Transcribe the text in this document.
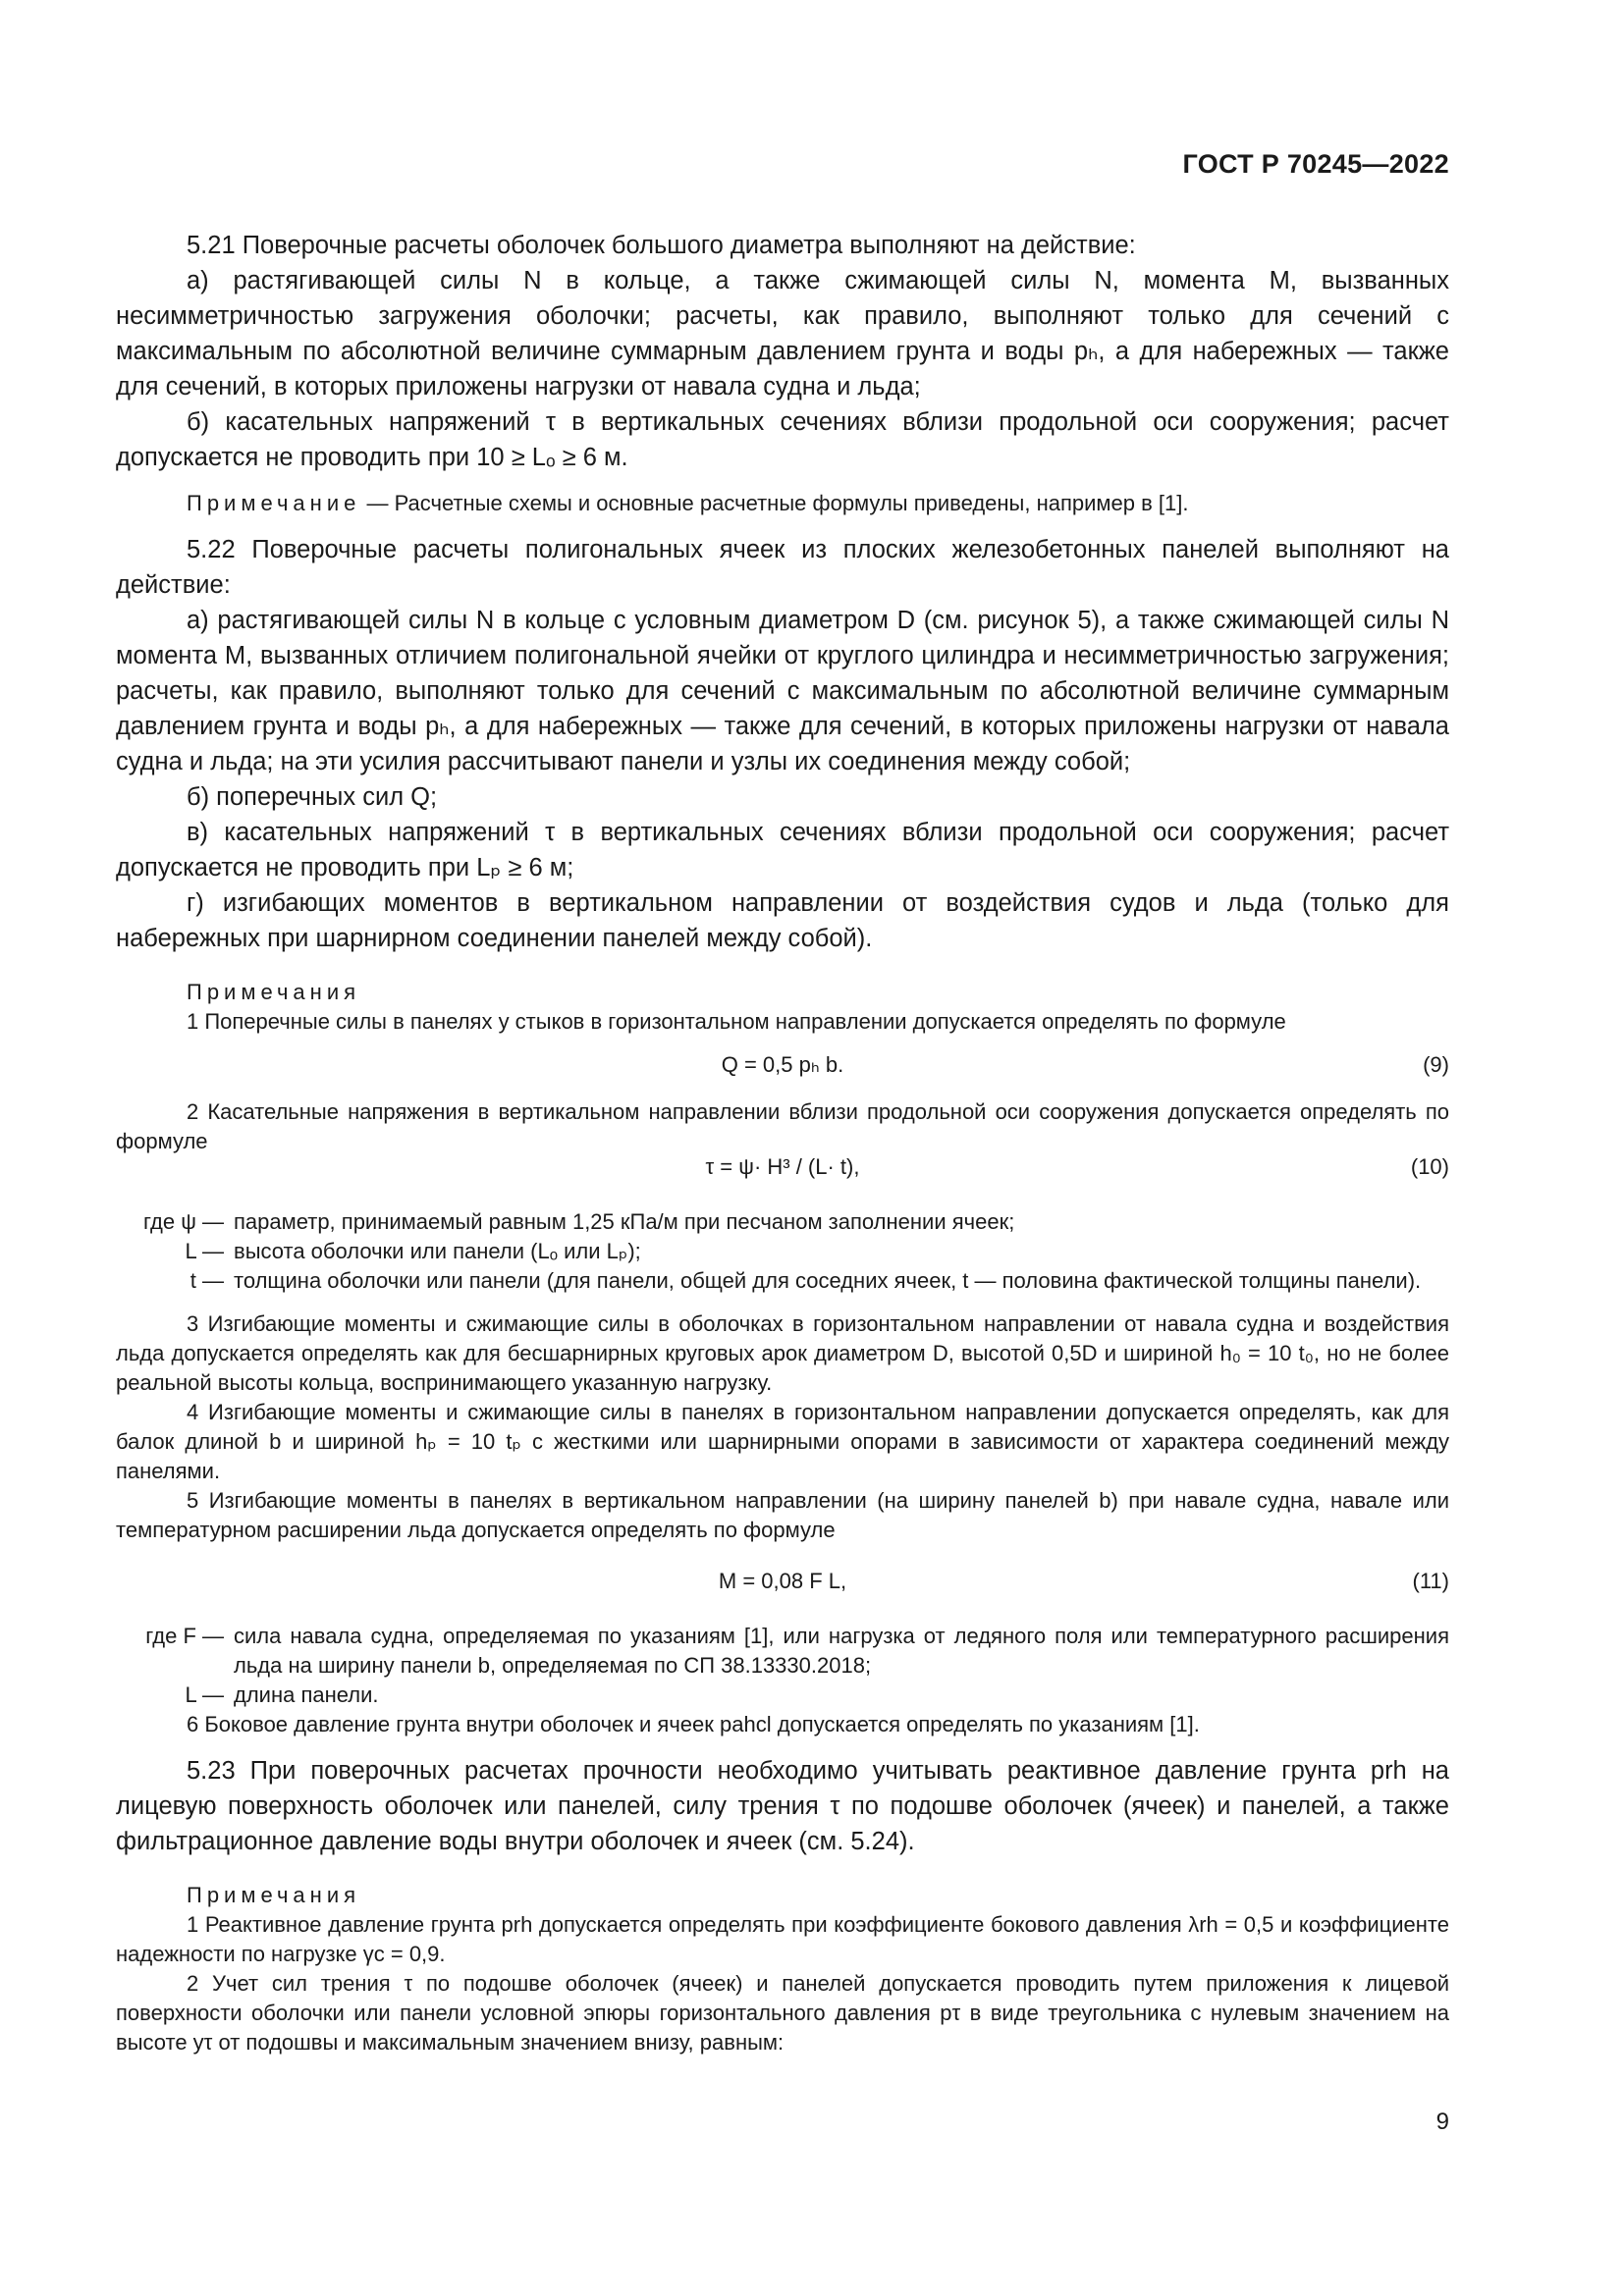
ГОСТ Р 70245—2022

5.21 Поверочные расчеты оболочек большого диаметра выполняют на действие:

а) растягивающей силы N в кольце, а также сжимающей силы N, момента M, вызванных несимметричностью загружения оболочки; расчеты, как правило, выполняют только для сечений с максимальным по абсолютной величине суммарным давлением грунта и воды pₕ, а для набережных — также для сечений, в которых приложены нагрузки от навала судна и льда;

б) касательных напряжений τ в вертикальных сечениях вблизи продольной оси сооружения; расчет допускается не проводить при 10 ≥ Lₒ ≥ 6 м.

Примечание — Расчетные схемы и основные расчетные формулы приведены, например в [1].

5.22 Поверочные расчеты полигональных ячеек из плоских железобетонных панелей выполняют на действие:

а) растягивающей силы N в кольце с условным диаметром D (см. рисунок 5), а также сжимающей силы N момента M, вызванных отличием полигональной ячейки от круглого цилиндра и несимметричностью загружения; расчеты, как правило, выполняют только для сечений с максимальным по абсолютной величине суммарным давлением грунта и воды pₕ, а для набережных — также для сечений, в которых приложены нагрузки от навала судна и льда; на эти усилия рассчитывают панели и узлы их соединения между собой;

б) поперечных сил Q;

в) касательных напряжений τ в вертикальных сечениях вблизи продольной оси сооружения; расчет допускается не проводить при Lₚ ≥ 6 м;

г) изгибающих моментов в вертикальном направлении от воздействия судов и льда (только для набережных при шарнирном соединении панелей между собой).

Примечания

1 Поперечные силы в панелях у стыков в горизонтальном направлении допускается определять по формуле

Q = 0,5 pₕ b.	(9)

2 Касательные напряжения в вертикальном направлении вблизи продольной оси сооружения допускается определять по формуле

τ = ψ· H³ / (L· t),	(10)
где ψ — параметр, принимаемый равным 1,25 кПа/м при песчаном заполнении ячеек;
L — высота оболочки или панели (Lₒ или Lₚ);
t — толщина оболочки или панели (для панели, общей для соседних ячеек, t — половина фактической толщины панели).

3 Изгибающие моменты и сжимающие силы в оболочках в горизонтальном направлении от навала судна и воздействия льда допускается определять как для бесшарнирных круговых арок диаметром D, высотой 0,5D и шириной h₀ = 10 t₀, но не более реальной высоты кольца, воспринимающего указанную нагрузку.

4 Изгибающие моменты и сжимающие силы в панелях в горизонтальном направлении допускается определять, как для балок длиной b и шириной hₚ = 10 tₚ с жесткими или шарнирными опорами в зависимости от характера соединений между панелями.

5 Изгибающие моменты в панелях в вертикальном направлении (на ширину панелей b) при навале судна, навале или температурном расширении льда допускается определять по формуле

M = 0,08 F L,	(11)
где F — сила навала судна, определяемая по указаниям [1], или нагрузка от ледяного поля или температурного расширения льда на ширину панели b, определяемая по СП 38.13330.2018;
L — длина панели.

6 Боковое давление грунта внутри оболочек и ячеек pahcl допускается определять по указаниям [1].

5.23 При поверочных расчетах прочности необходимо учитывать реактивное давление грунта prh на лицевую поверхность оболочек или панелей, силу трения τ по подошве оболочек (ячеек) и панелей, а также фильтрационное давление воды внутри оболочек и ячеек (см. 5.24).

Примечания

1 Реактивное давление грунта prh допускается определять при коэффициенте бокового давления λrh = 0,5 и коэффициенте надежности по нагрузке γc = 0,9.

2 Учет сил трения τ по подошве оболочек (ячеек) и панелей допускается проводить путем приложения к лицевой поверхности оболочки или панели условной эпюры горизонтального давления pτ в виде треугольника с нулевым значением на высоте yτ от подошвы и максимальным значением внизу, равным:

9
